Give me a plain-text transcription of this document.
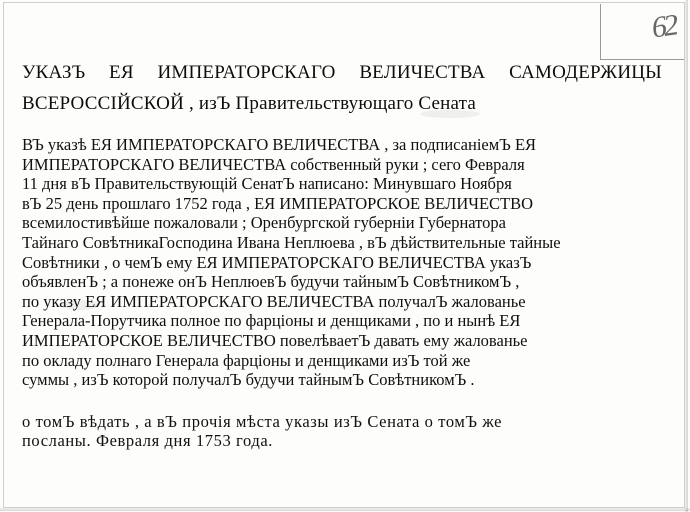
62
УКАЗЪ ЕЯ ИМПЕРАТОРСКАГО ВЕЛИЧЕСТВА САМОДЕРЖИЦЫ
ВСЕРОССІЙСКОЙ , изЪ Правительствующаго Сената
ВЪ указѣ ЕЯ ИМПЕРАТОРСКАГО ВЕЛИЧЕСТВА , за подписаніемЪ ЕЯ
ИМПЕРАТОРСКАГО ВЕЛИЧЕСТВА собственный руки ; сего Февраля
11 дня вЪ Правительствующій СенатЪ написано: Минувшаго Ноября
вЪ 25 день прошлаго 1752 года , ЕЯ ИМПЕРАТОРСКОЕ ВЕЛИЧЕСТВО
всемилостивѣйше пожаловали ; Оренбургской губерніи Губернатора
Тайнаго СовѣтникаГосподина Ивана Неплюева , вЪ дѣйствительные тайные
Совѣтники , о чемЪ ему ЕЯ ИМПЕРАТОРСКАГО ВЕЛИЧЕСТВА указЪ
объявленЪ ; а понеже онЪ НеплюевЪ будучи тайнымЪ СовѣтникомЪ ,
по указу ЕЯ ИМПЕРАТОРСКАГО ВЕЛИЧЕСТВА получалЪ жалованье
Генерала-Порутчика полное по фарціоны и денщиками , по и нынѣ ЕЯ
ИМПЕРАТОРСКОЕ ВЕЛИЧЕСТВО повелѣваетЪ давать ему жалованье
по окладу полнаго Генерала фарціоны и денщиками изЪ той же
суммы , изЪ которой получалЪ будучи тайнымЪ СовѣтникомЪ .
о томЪ вѣдать , а вЪ прочія мѣста указы изЪ Сената о томЪ же
посланы. Февраля дня 1753 года.
